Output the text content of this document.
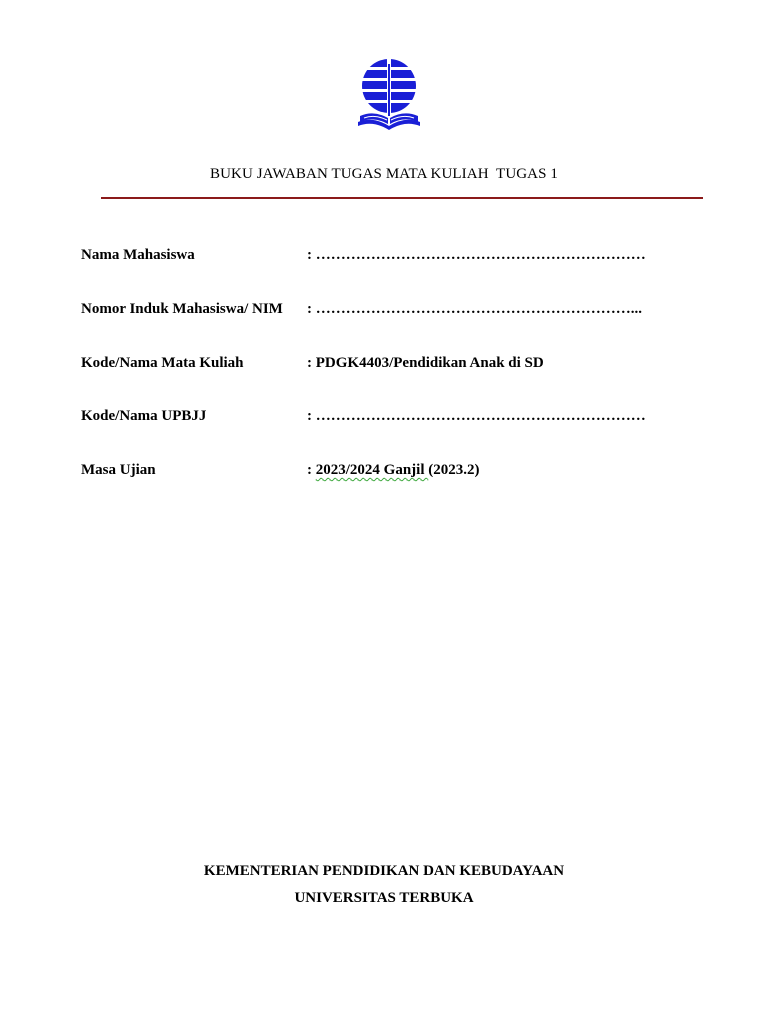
BUKU JAWABAN TUGAS MATA KULIAH  TUGAS 1
Nama Mahasiswa	: …………………………………………………………
Nomor Induk Mahasiswa/ NIM : ………………………………………………………...
Kode/Nama Mata Kuliah	: PDGK4403/Pendidikan Anak di SD
Kode/Nama UPBJJ	: …………………………………………………………
Masa Ujian	: 2023/2024 Ganjil (2023.2)
KEMENTERIAN PENDIDIKAN DAN KEBUDAYAAN
UNIVERSITAS TERBUKA
